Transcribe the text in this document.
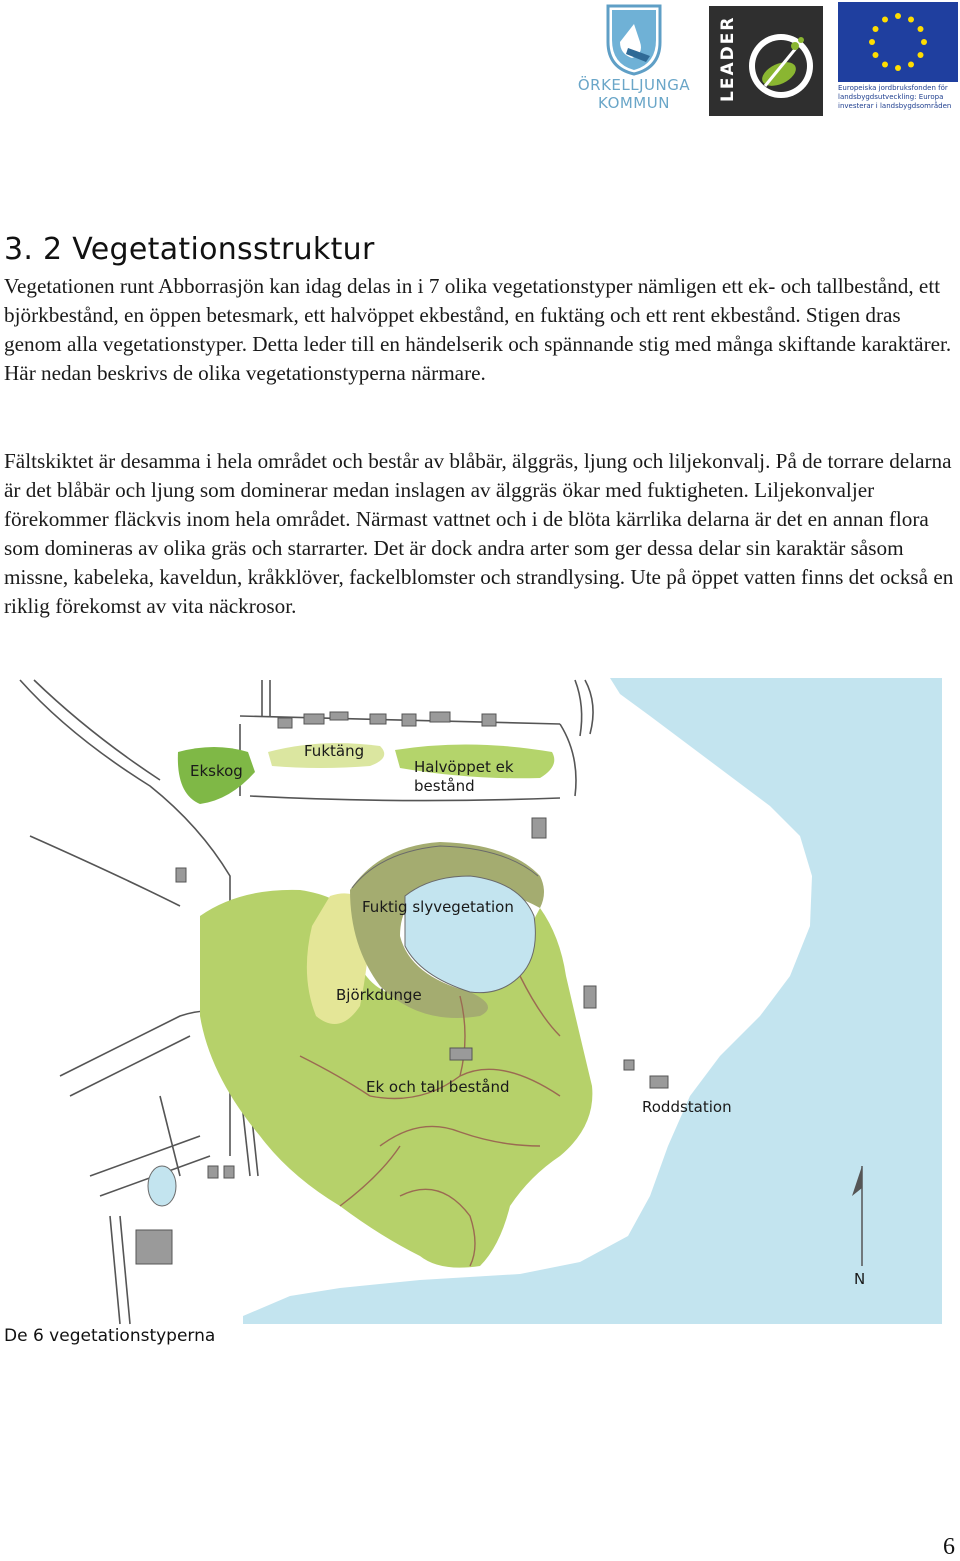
ÖRKELLJUNGA
KOMMUN
LEADER	Europeiska jordbruksfonden för landsbygdsutveckling: Europa investerar i landsbygdsområden
3. 2 Vegetationsstruktur

Vegetationen runt Abborrasjön kan idag delas in i 7 olika vegetationstyper nämligen ett ek- och tallbestånd, ett björkbestånd, en öppen betesmark, ett halvöppet ekbestånd, en fuktäng och ett rent ekbestånd. Stigen dras genom alla vegetationstyper. Detta leder till en händelserik och spännande stig med många skiftande karaktärer. Här nedan beskrivs de olika vegetationstyperna närmare.

Fältskiktet är desamma i hela området och består av blåbär, älggräs, ljung och liljekonvalj. På de torrare delarna är det blåbär och ljung som dominerar medan inslagen av älggräs ökar med fuktigheten. Liljekonvaljer förekommer fläckvis inom hela området. Närmast vattnet och i de blöta kärrlika delarna är det en annan flora som domineras av olika gräs och starrarter. Det är dock andra arter som ger dessa delar sin karaktär såsom missne, kabeleka, kaveldun, kråkklöver, fackelblomster och strandlysing. Ute på öppet vatten finns det också en riklig förekomst av vita näckrosor.

Ekskog
Fuktäng
Halvöppet ek
bestånd
Fuktig slyvegetation
Björkdunge
Ek och tall bestånd
Roddstation
N

De 6 vegetationstyperna

6
